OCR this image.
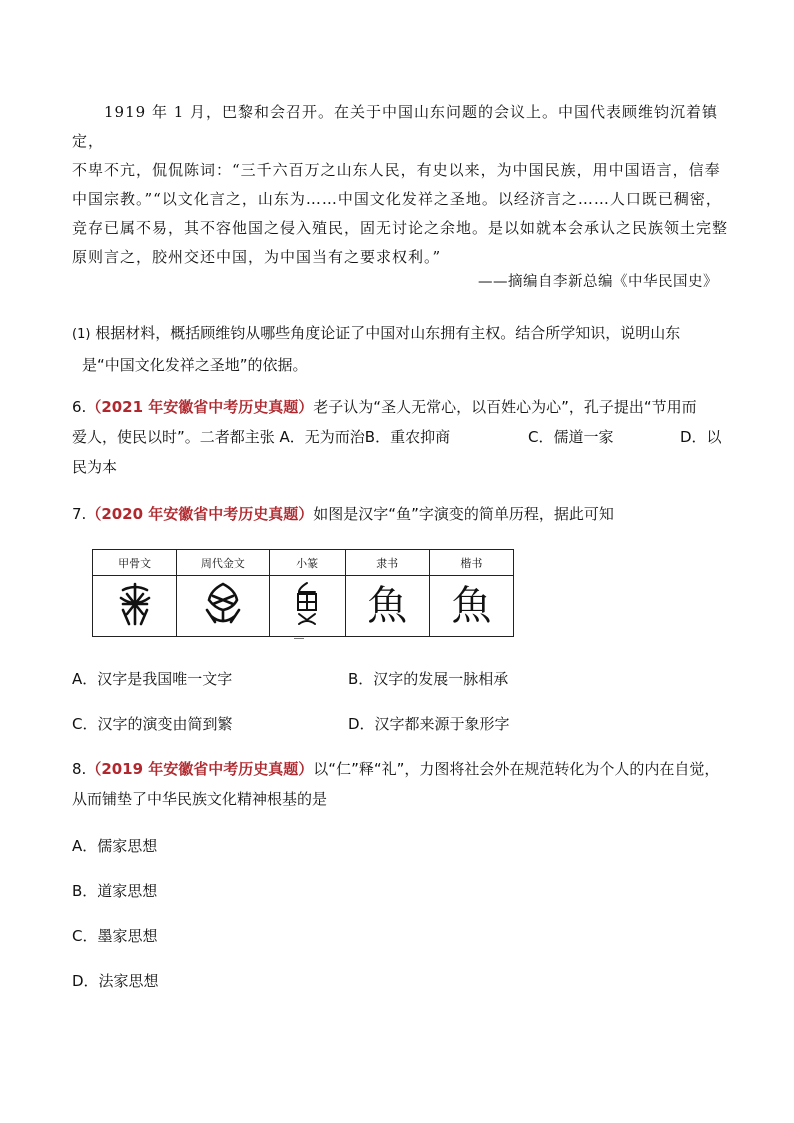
　　1919 年 1 月，巴黎和会召开。在关于中国山东问题的会议上。中国代表顾维钧沉着镇定，

不卑不亢，侃侃陈词：“三千六百万之山东人民，有史以来，为中国民族，用中国语言，信奉

中国宗教。”“以文化言之，山东为……中国文化发祥之圣地。以经济言之……人口既已稠密，

竞存已属不易，其不容他国之侵入殖民，固无讨论之余地。是以如就本会承认之民族领土完整

原则言之，胶州交还中国，为中国当有之要求权利。”

——摘编自李新总编《中华民国史》
(1) 根据材料，概括顾维钧从哪些角度论证了中国对山东拥有主权。结合所学知识，说明山东
是“中国文化发祥之圣地”的依据。
6.（2021 年安徽省中考历史真题）老子认为“圣人无常心，以百姓心为心”，孔子提出“节用而
爱人，使民以时”。二者都主张 A．无为而治B．重农抑商	C．儒道一家	D．以
民为本
7.（2020 年安徽省中考历史真题）如图是汉字“鱼”字演变的简单历程，据此可知
甲骨文	周代金文	小篆	隶书	楷书
			魚	魚
A．汉字是我国唯一文字	B．汉字的发展一脉相承
C．汉字的演变由简到繁	D．汉字都来源于象形字
8.（2019 年安徽省中考历史真题）以“仁”释“礼”，力图将社会外在规范转化为个人的内在自觉，
从而铺垫了中华民族文化精神根基的是
A．儒家思想
B．道家思想
C．墨家思想
D．法家思想
